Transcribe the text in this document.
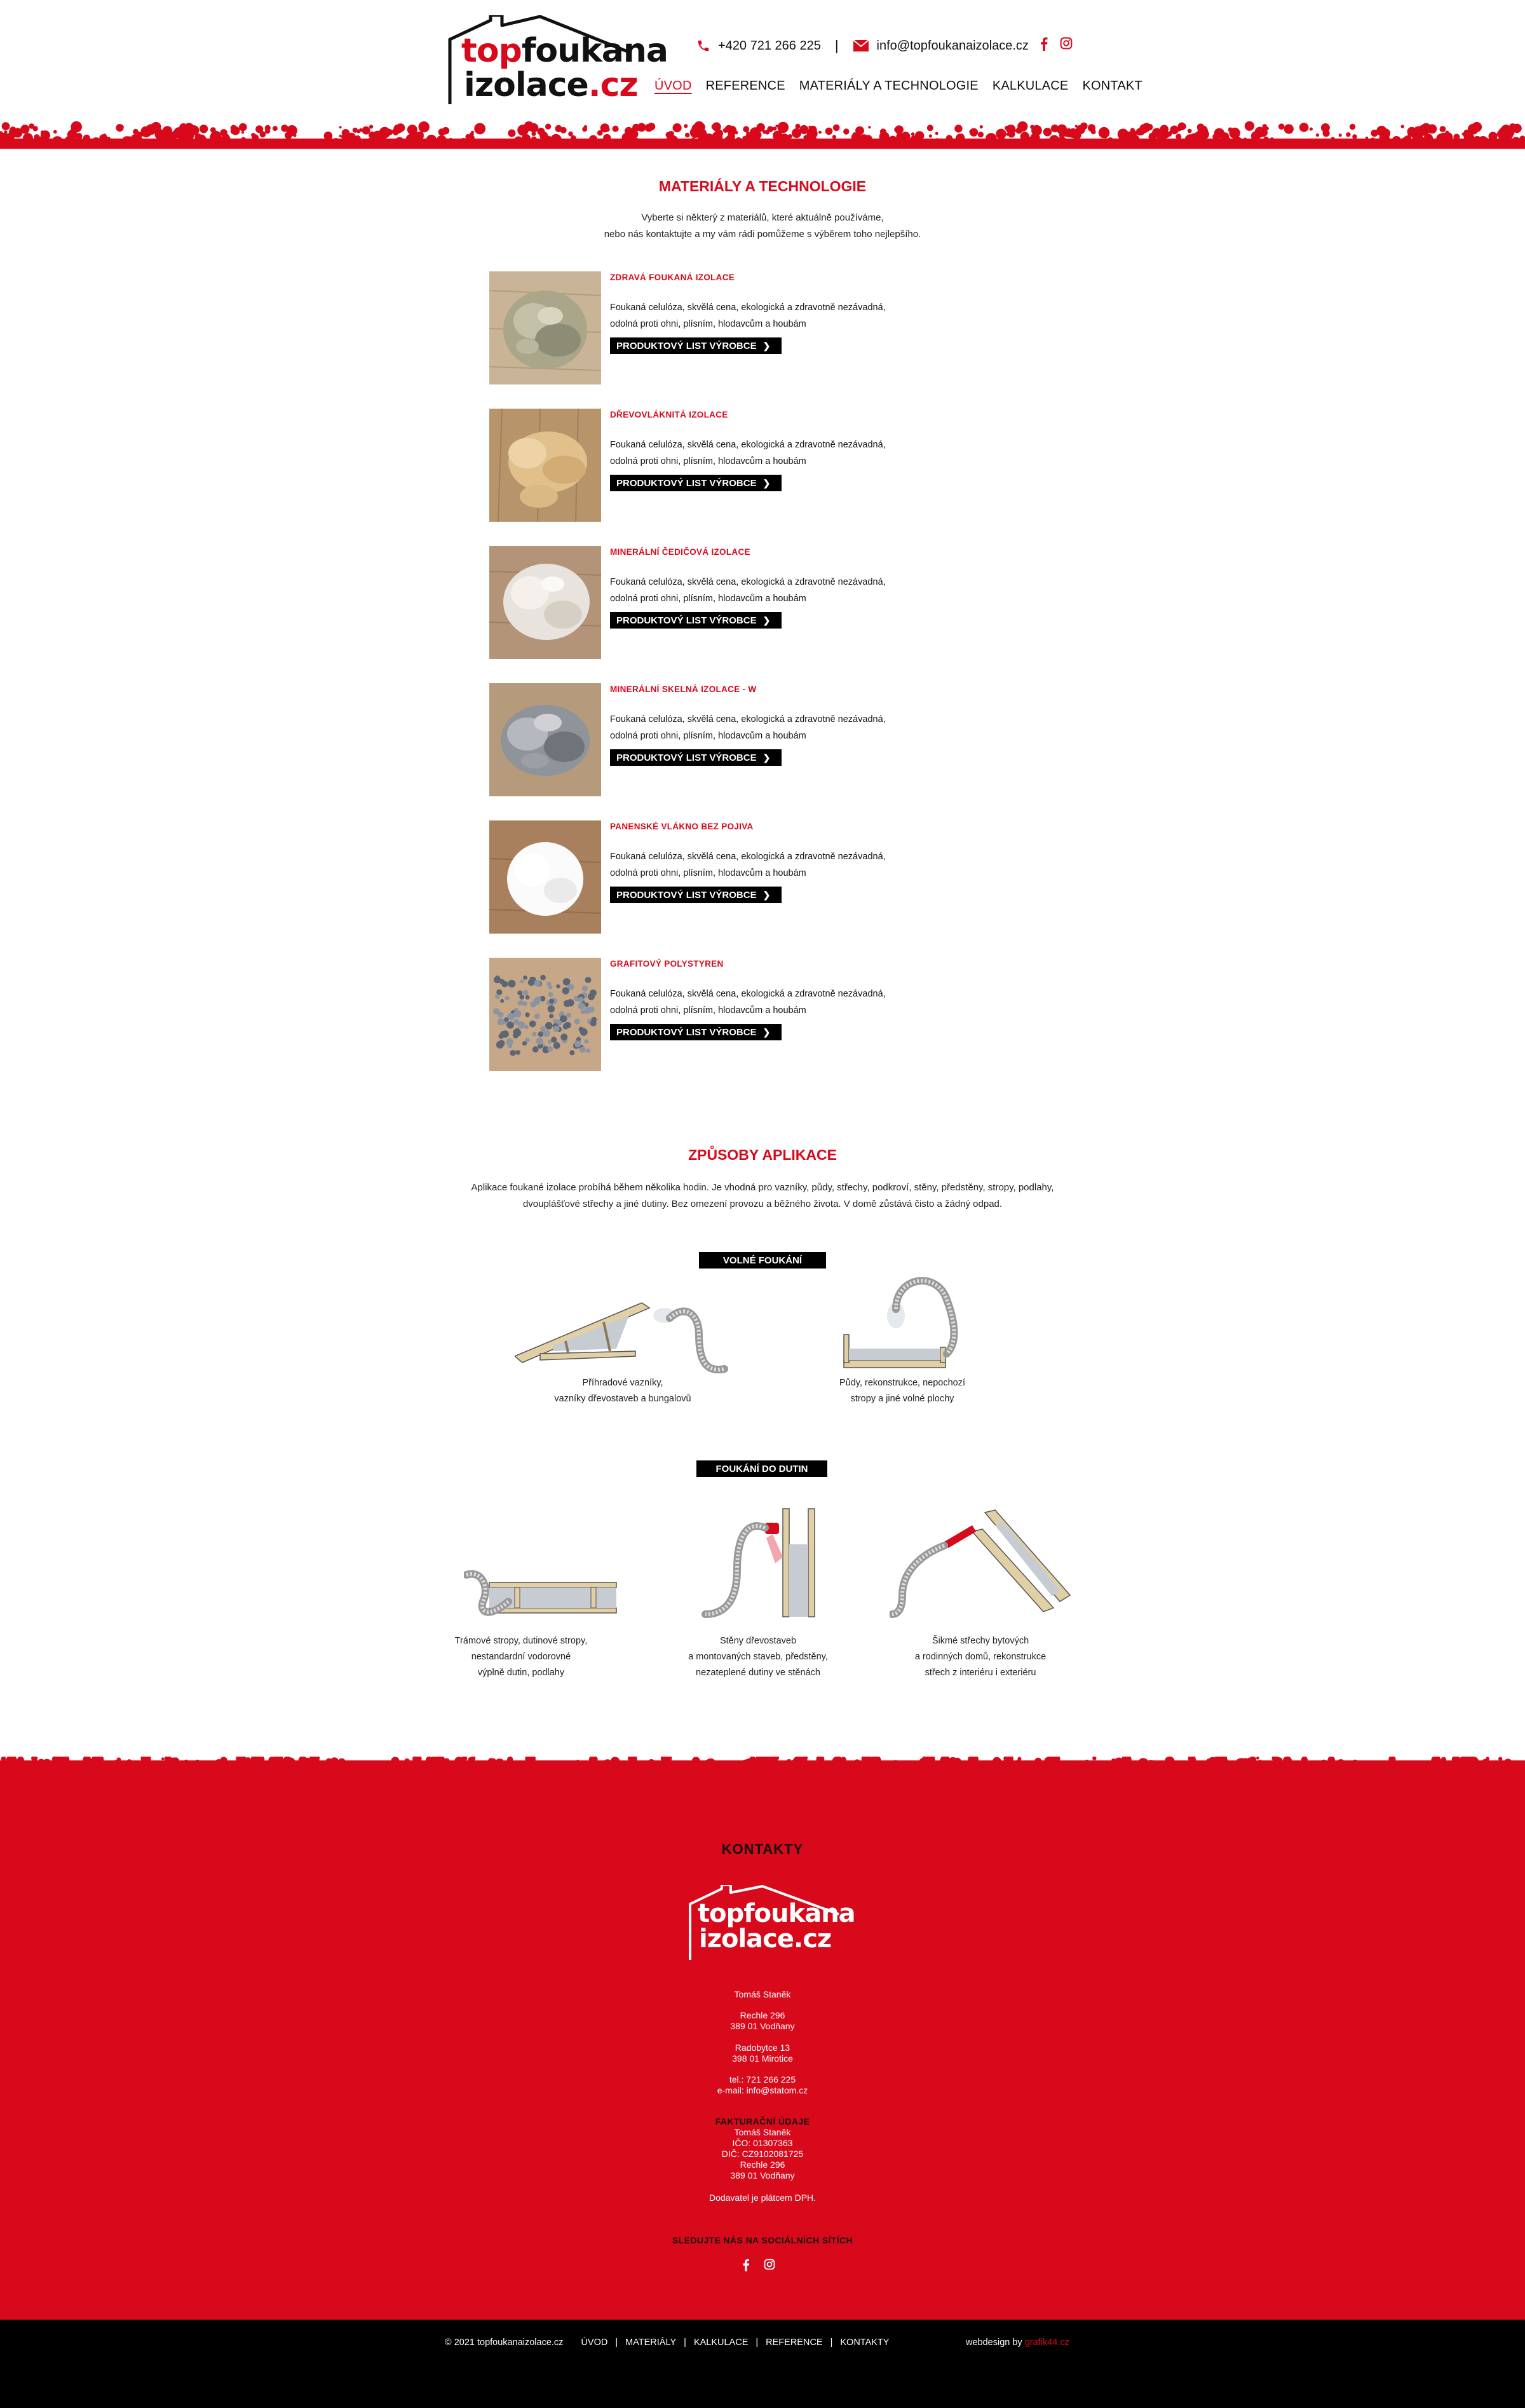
topfoukana
izolace.cz
+420 721 266 225 |	info@topfoukanaizolace.cz
ÚVOD REFERENCE MATERIÁLY A TECHNOLOGIE KALKULACE KONTAKT
MATERIÁLY A TECHNOLOGIE
Vyberte si některý z materiálů, které aktuálně používáme,
nebo nás kontaktujte a my vám rádi pomůžeme s výběrem toho nejlepšího.
ZDRAVÁ FOUKANÁ IZOLACE
Foukaná celulóza, skvělá cena, ekologická a zdravotně nezávadná,
odolná proti ohni, plísním, hlodavcům a houbám
PRODUKTOVÝ LIST VÝROBCE ❯
DŘEVOVLÁKNITÁ IZOLACE
Foukaná celulóza, skvělá cena, ekologická a zdravotně nezávadná,
odolná proti ohni, plísním, hlodavcům a houbám
PRODUKTOVÝ LIST VÝROBCE ❯
MINERÁLNÍ ČEDIČOVÁ IZOLACE
Foukaná celulóza, skvělá cena, ekologická a zdravotně nezávadná,
odolná proti ohni, plísním, hlodavcům a houbám
PRODUKTOVÝ LIST VÝROBCE ❯
MINERÁLNÍ SKELNÁ IZOLACE - W
Foukaná celulóza, skvělá cena, ekologická a zdravotně nezávadná,
odolná proti ohni, plísním, hlodavcům a houbám
PRODUKTOVÝ LIST VÝROBCE ❯
PANENSKÉ VLÁKNO BEZ POJIVA
Foukaná celulóza, skvělá cena, ekologická a zdravotně nezávadná,
odolná proti ohni, plísním, hlodavcům a houbám
PRODUKTOVÝ LIST VÝROBCE ❯
GRAFITOVÝ POLYSTYREN
Foukaná celulóza, skvělá cena, ekologická a zdravotně nezávadná,
odolná proti ohni, plísním, hlodavcům a houbám
PRODUKTOVÝ LIST VÝROBCE ❯
ZPŮSOBY APLIKACE
Aplikace foukané izolace probíhá během několika hodin. Je vhodná pro vazníky, půdy, střechy, podkroví, stěny, předstěny, stropy, podlahy,
dvouplášťové střechy a jiné dutiny. Bez omezení provozu a běžného života. V domě zůstává čisto a žádný odpad.
VOLNÉ FOUKÁNÍ
Příhradové vazníky,
vazníky dřevostaveb a bungalovů
Půdy, rekonstrukce, nepochozí
stropy a jiné volné plochy
FOUKÁNÍ DO DUTIN
Trámové stropy, dutinové stropy,
nestandardní vodorovné
výplně dutin, podlahy
Stěny dřevostaveb
a montovaných staveb, předstěny,
nezateplené dutiny ve stěnách
Šikmé střechy bytových
a rodinných domů, rekonstrukce
střech z interiéru i exteriéru
KONTAKTY
topfoukana
izolace.cz
Tomáš Staněk
Rechle 296
389 01 Vodňany
Radobytce 13
398 01 Mirotice
tel.: 721 266 225
e-mail: info@statom.cz
FAKTURAČNÍ ÚDAJE
Tomáš Staněk
IČO: 01307363
DIČ: CZ9102081725
Rechle 296
389 01 Vodňany
Dodavatel je plátcem DPH.
SLEDUJTE NÁS NA SOCIÁLNÍCH SÍTÍCH
© 2021 topfoukanaizolace.cz ÚVOD | MATERIÁLY | KALKULACE | REFERENCE | KONTAKTY	webdesign by grafik44.cz
